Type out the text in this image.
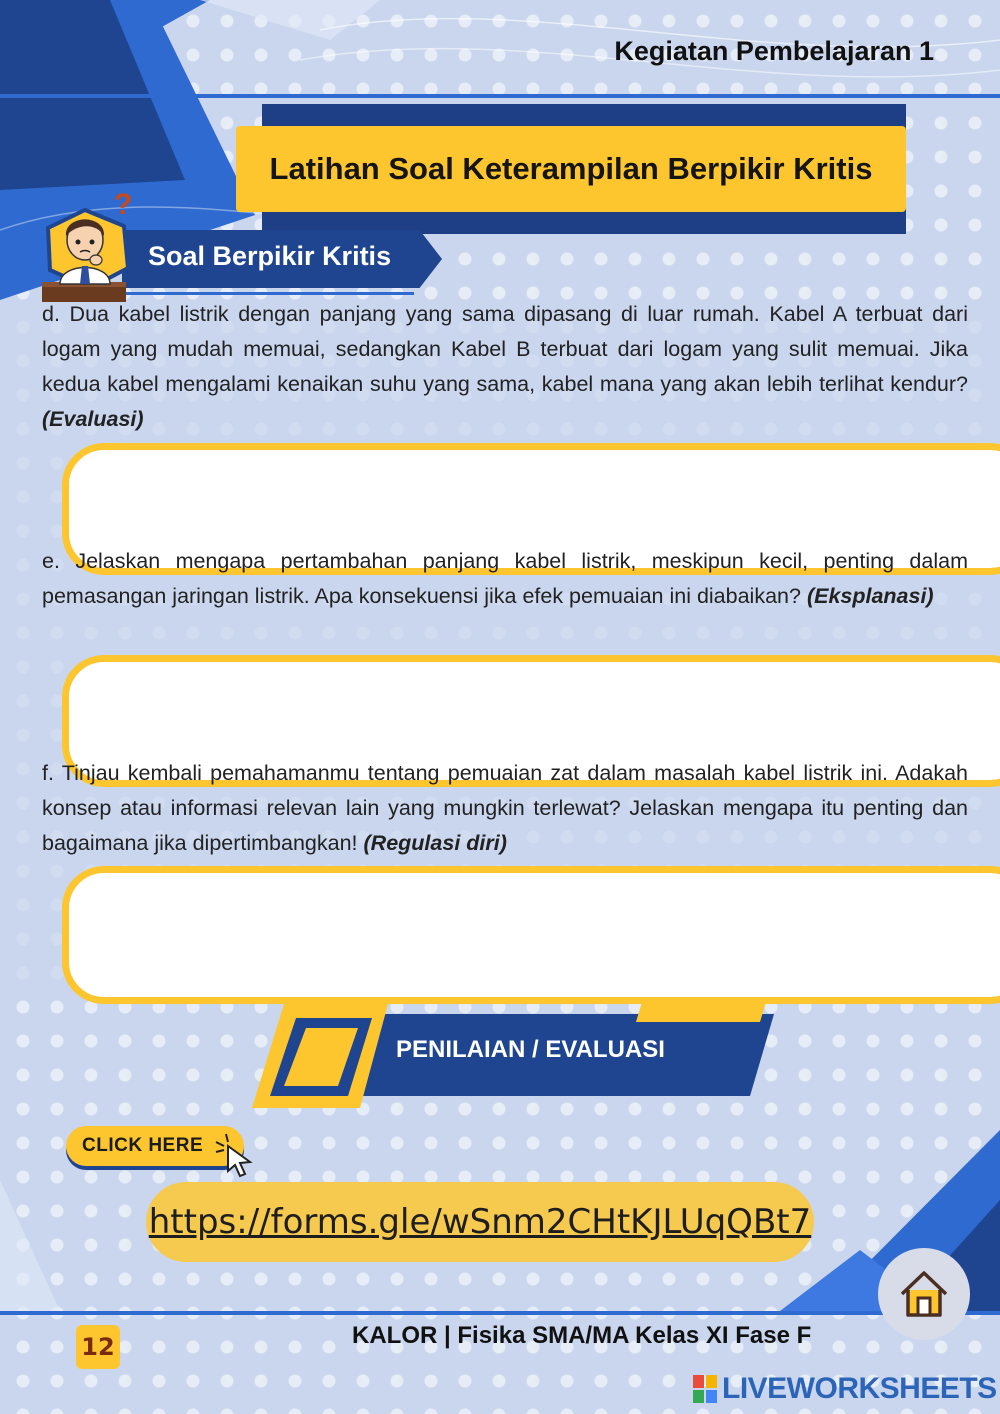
Kegiatan Pembelajaran 1
Latihan Soal Keterampilan Berpikir Kritis
Soal Berpikir Kritis
?
d. Dua kabel listrik dengan panjang yang sama dipasang di luar rumah. Kabel A terbuat dari logam yang mudah memuai, sedangkan Kabel B terbuat dari logam yang sulit memuai. Jika kedua kabel mengalami kenaikan suhu yang sama, kabel mana yang akan lebih terlihat kendur? (Evaluasi)
e. Jelaskan mengapa pertambahan panjang kabel listrik, meskipun kecil, penting dalam pemasangan jaringan listrik. Apa konsekuensi jika efek pemuaian ini diabaikan? (Eksplanasi)
f. Tinjau kembali pemahamanmu tentang pemuaian zat dalam masalah kabel listrik ini. Adakah konsep atau informasi relevan lain yang mungkin terlewat? Jelaskan mengapa itu penting dan bagaimana jika dipertimbangkan! (Regulasi diri)
PENILAIAN / EVALUASI
CLICK HERE
https://forms.gle/wSnm2CHtKJLUqQBt7
12	KALOR | Fisika SMA/MA Kelas XI Fase F
LIVEWORKSHEETS
